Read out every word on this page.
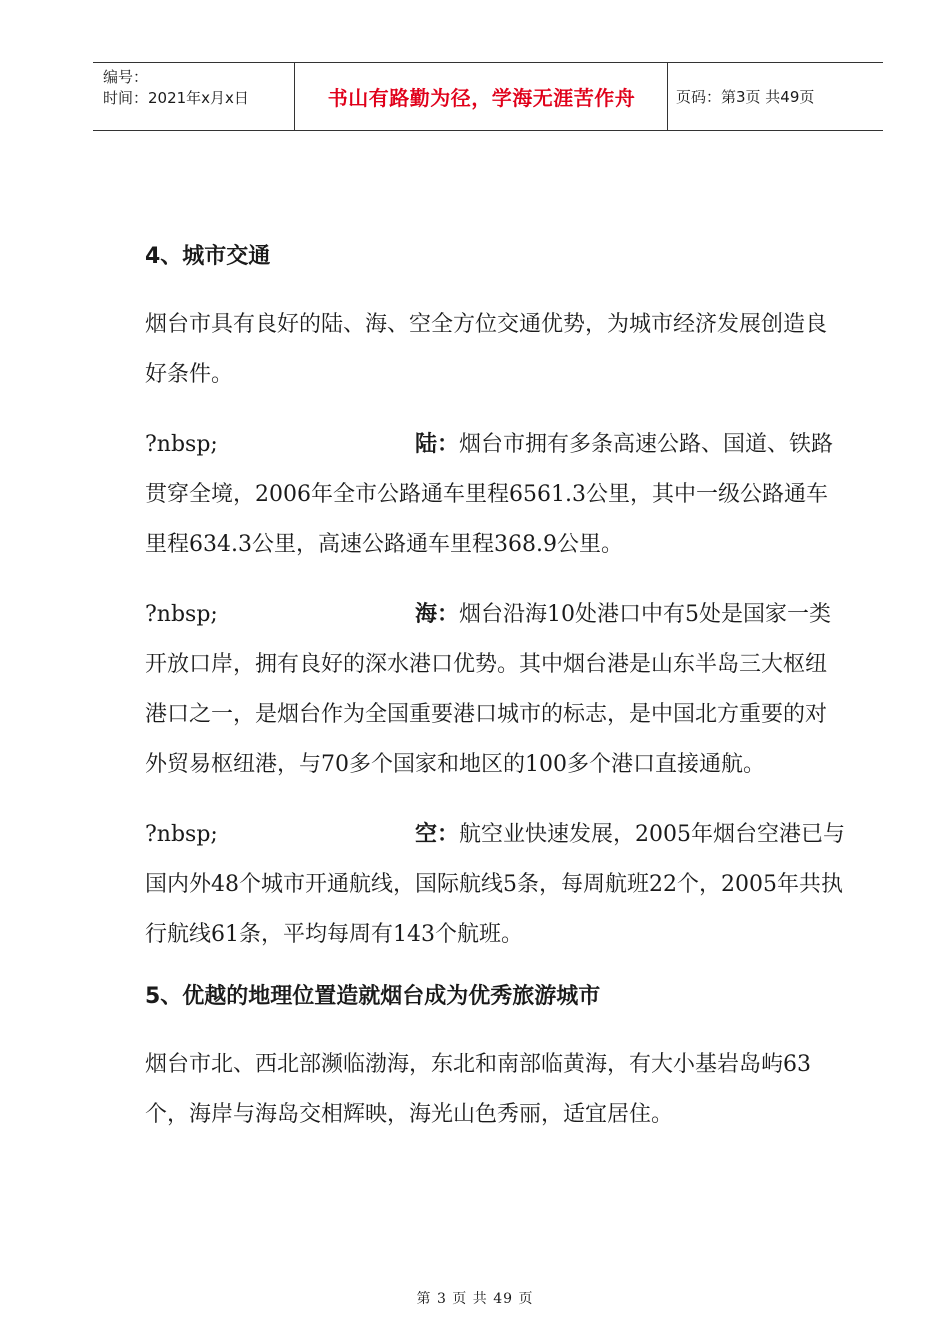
编号：
时间：2021年x月x日	书山有路勤为径，学海无涯苦作舟	页码：第3页 共49页
4、城市交通
烟台市具有良好的陆、海、空全方位交通优势，为城市经济发展创造良好条件。
?nbsp;	陆：烟台市拥有多条高速公路、国道、铁路贯穿全境，2006年全市公路通车里程6561.3公里，其中一级公路通车里程634.3公里，高速公路通车里程368.9公里。
?nbsp;	海：烟台沿海10处港口中有5处是国家一类开放口岸，拥有良好的深水港口优势。其中烟台港是山东半岛三大枢纽港口之一，是烟台作为全国重要港口城市的标志，是中国北方重要的对外贸易枢纽港，与70多个国家和地区的100多个港口直接通航。
?nbsp;	空：航空业快速发展，2005年烟台空港已与国内外48个城市开通航线，国际航线5条，每周航班22个，2005年共执行航线61条，平均每周有143个航班。
5、优越的地理位置造就烟台成为优秀旅游城市
烟台市北、西北部濒临渤海，东北和南部临黄海，有大小基岩岛屿63个，海岸与海岛交相辉映，海光山色秀丽，适宜居住。
第 3 页 共 49 页
